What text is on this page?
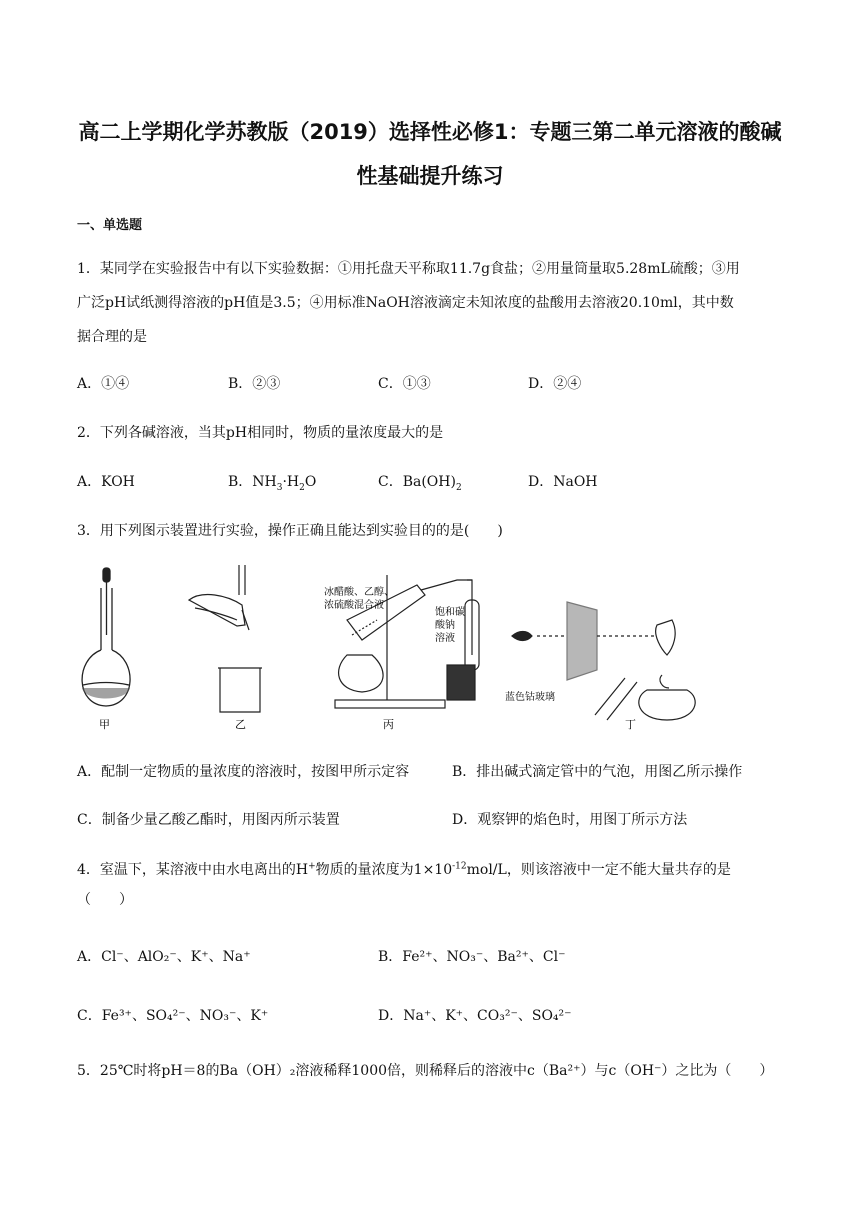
高二上学期化学苏教版（2019）选择性必修1：专题三第二单元溶液的酸碱
性基础提升练习
一、单选题
1．某同学在实验报告中有以下实验数据：①用托盘天平称取11.7g食盐；②用量筒量取5.28mL硫酸；③用
广泛pH试纸测得溶液的pH值是3.5；④用标准NaOH溶液滴定未知浓度的盐酸用去溶液20.10ml，其中数
据合理的是
A．①④	B．②③	C．①③	D．②④
2．下列各碱溶液，当其pH相同时，物质的量浓度最大的是
A．KOH	B．$NH_3\cdot H_2O$	C．$Ba(OH)_2$	D．NaOH
3．用下列图示装置进行实验，操作正确且能达到实验目的的是(　　)
甲	乙
冰醋酸、乙醇、
浓硫酸混合液
饱和碳
酸钠
溶液
丙
蓝色钴玻璃
丁
A．配制一定物质的量浓度的溶液时，按图甲所示定容	B．排出碱式滴定管中的气泡，用图乙所示操作
C．制备少量乙酸乙酯时，用图丙所示装置	D．观察钾的焰色时，用图丁所示方法
4．室温下，某溶液中由水电离出的H+物质的量浓度为$1\times 10^{-12}mol/L$，则该溶液中一定不能大量共存的是
（　　）
A．Cl⁻、AlO₂⁻、K⁺、Na⁺	B．Fe²⁺、NO₃⁻、Ba²⁺、Cl⁻
C．Fe³⁺、SO₄²⁻、NO₃⁻、K⁺	D．Na⁺、K⁺、CO₃²⁻、SO₄²⁻
5．25℃时将pH＝8的Ba（OH）₂溶液稀释1000倍，则稀释后的溶液中c（Ba²⁺）与c（OH⁻）之比为（　　）
